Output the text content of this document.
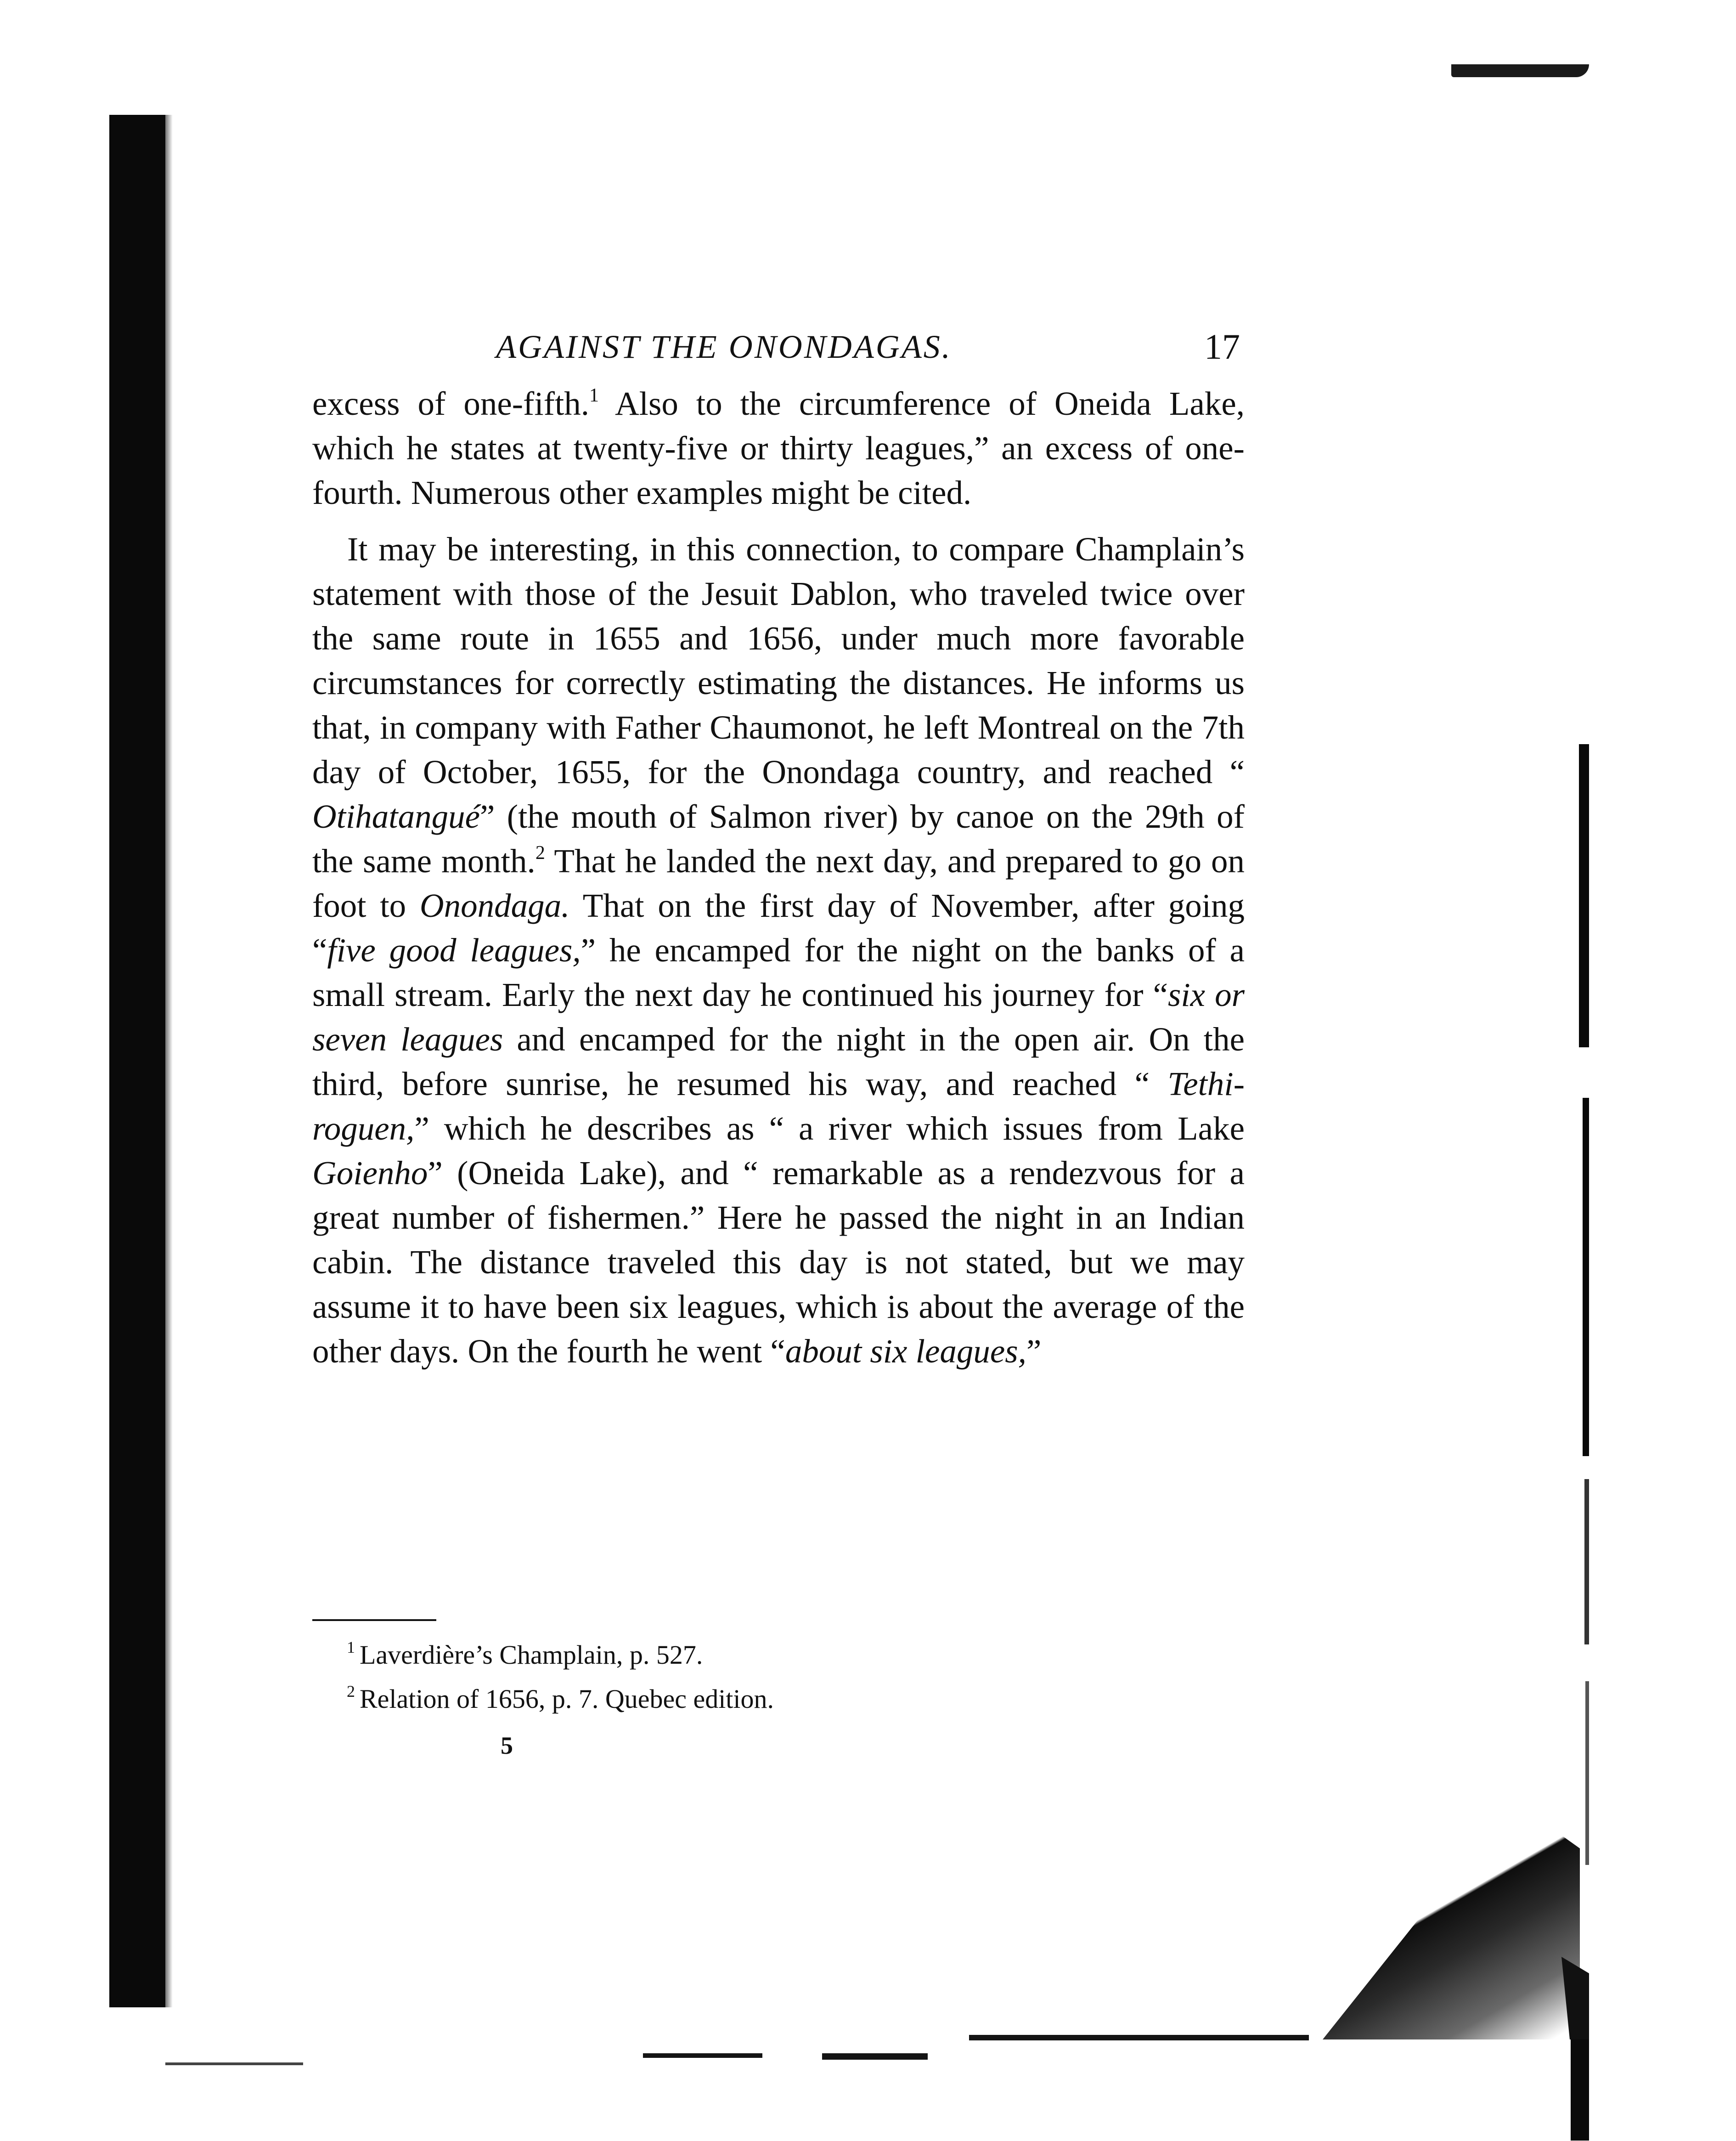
AGAINST THE ONONDAGAS.	17

excess of one-fifth.$^1$ Also to the circumference of Oneida Lake, which he states at twenty-five or thirty leagues,” an excess of one-fourth. Numerous other examples might be cited.

It may be interesting, in this connection, to compare Champlain’s statement with those of the Jesuit Dablon, who traveled twice over the same route in 1655 and 1656, under much more favorable circumstances for correctly estimating the distances. He informs us that, in company with Father Chaumonot, he left Montreal on the 7th day of October, 1655, for the Onondaga country, and reached “ Otihatangué” (the mouth of Salmon river) by canoe on the 29th of the same month.$^2$ That he landed the next day, and prepared to go on foot to Onondaga. That on the first day of November, after going “five good leagues,” he encamped for the night on the banks of a small stream. Early the next day he continued his journey for “six or seven leagues and encamped for the night in the open air. On the third, before sunrise, he resumed his way, and reached “ Tethi-roguen,” which he describes as “ a river which issues from Lake Goienho” (Oneida Lake), and “ remarkable as a rendezvous for a great number of fishermen.” Here he passed the night in an Indian cabin. The distance traveled this day is not stated, but we may assume it to have been six leagues, which is about the average of the other days. On the fourth he went “about six leagues,”

$^1$ Laverdière’s Champlain, p. 527.

$^2$ Relation of 1656, p. 7. Quebec edition.

5
